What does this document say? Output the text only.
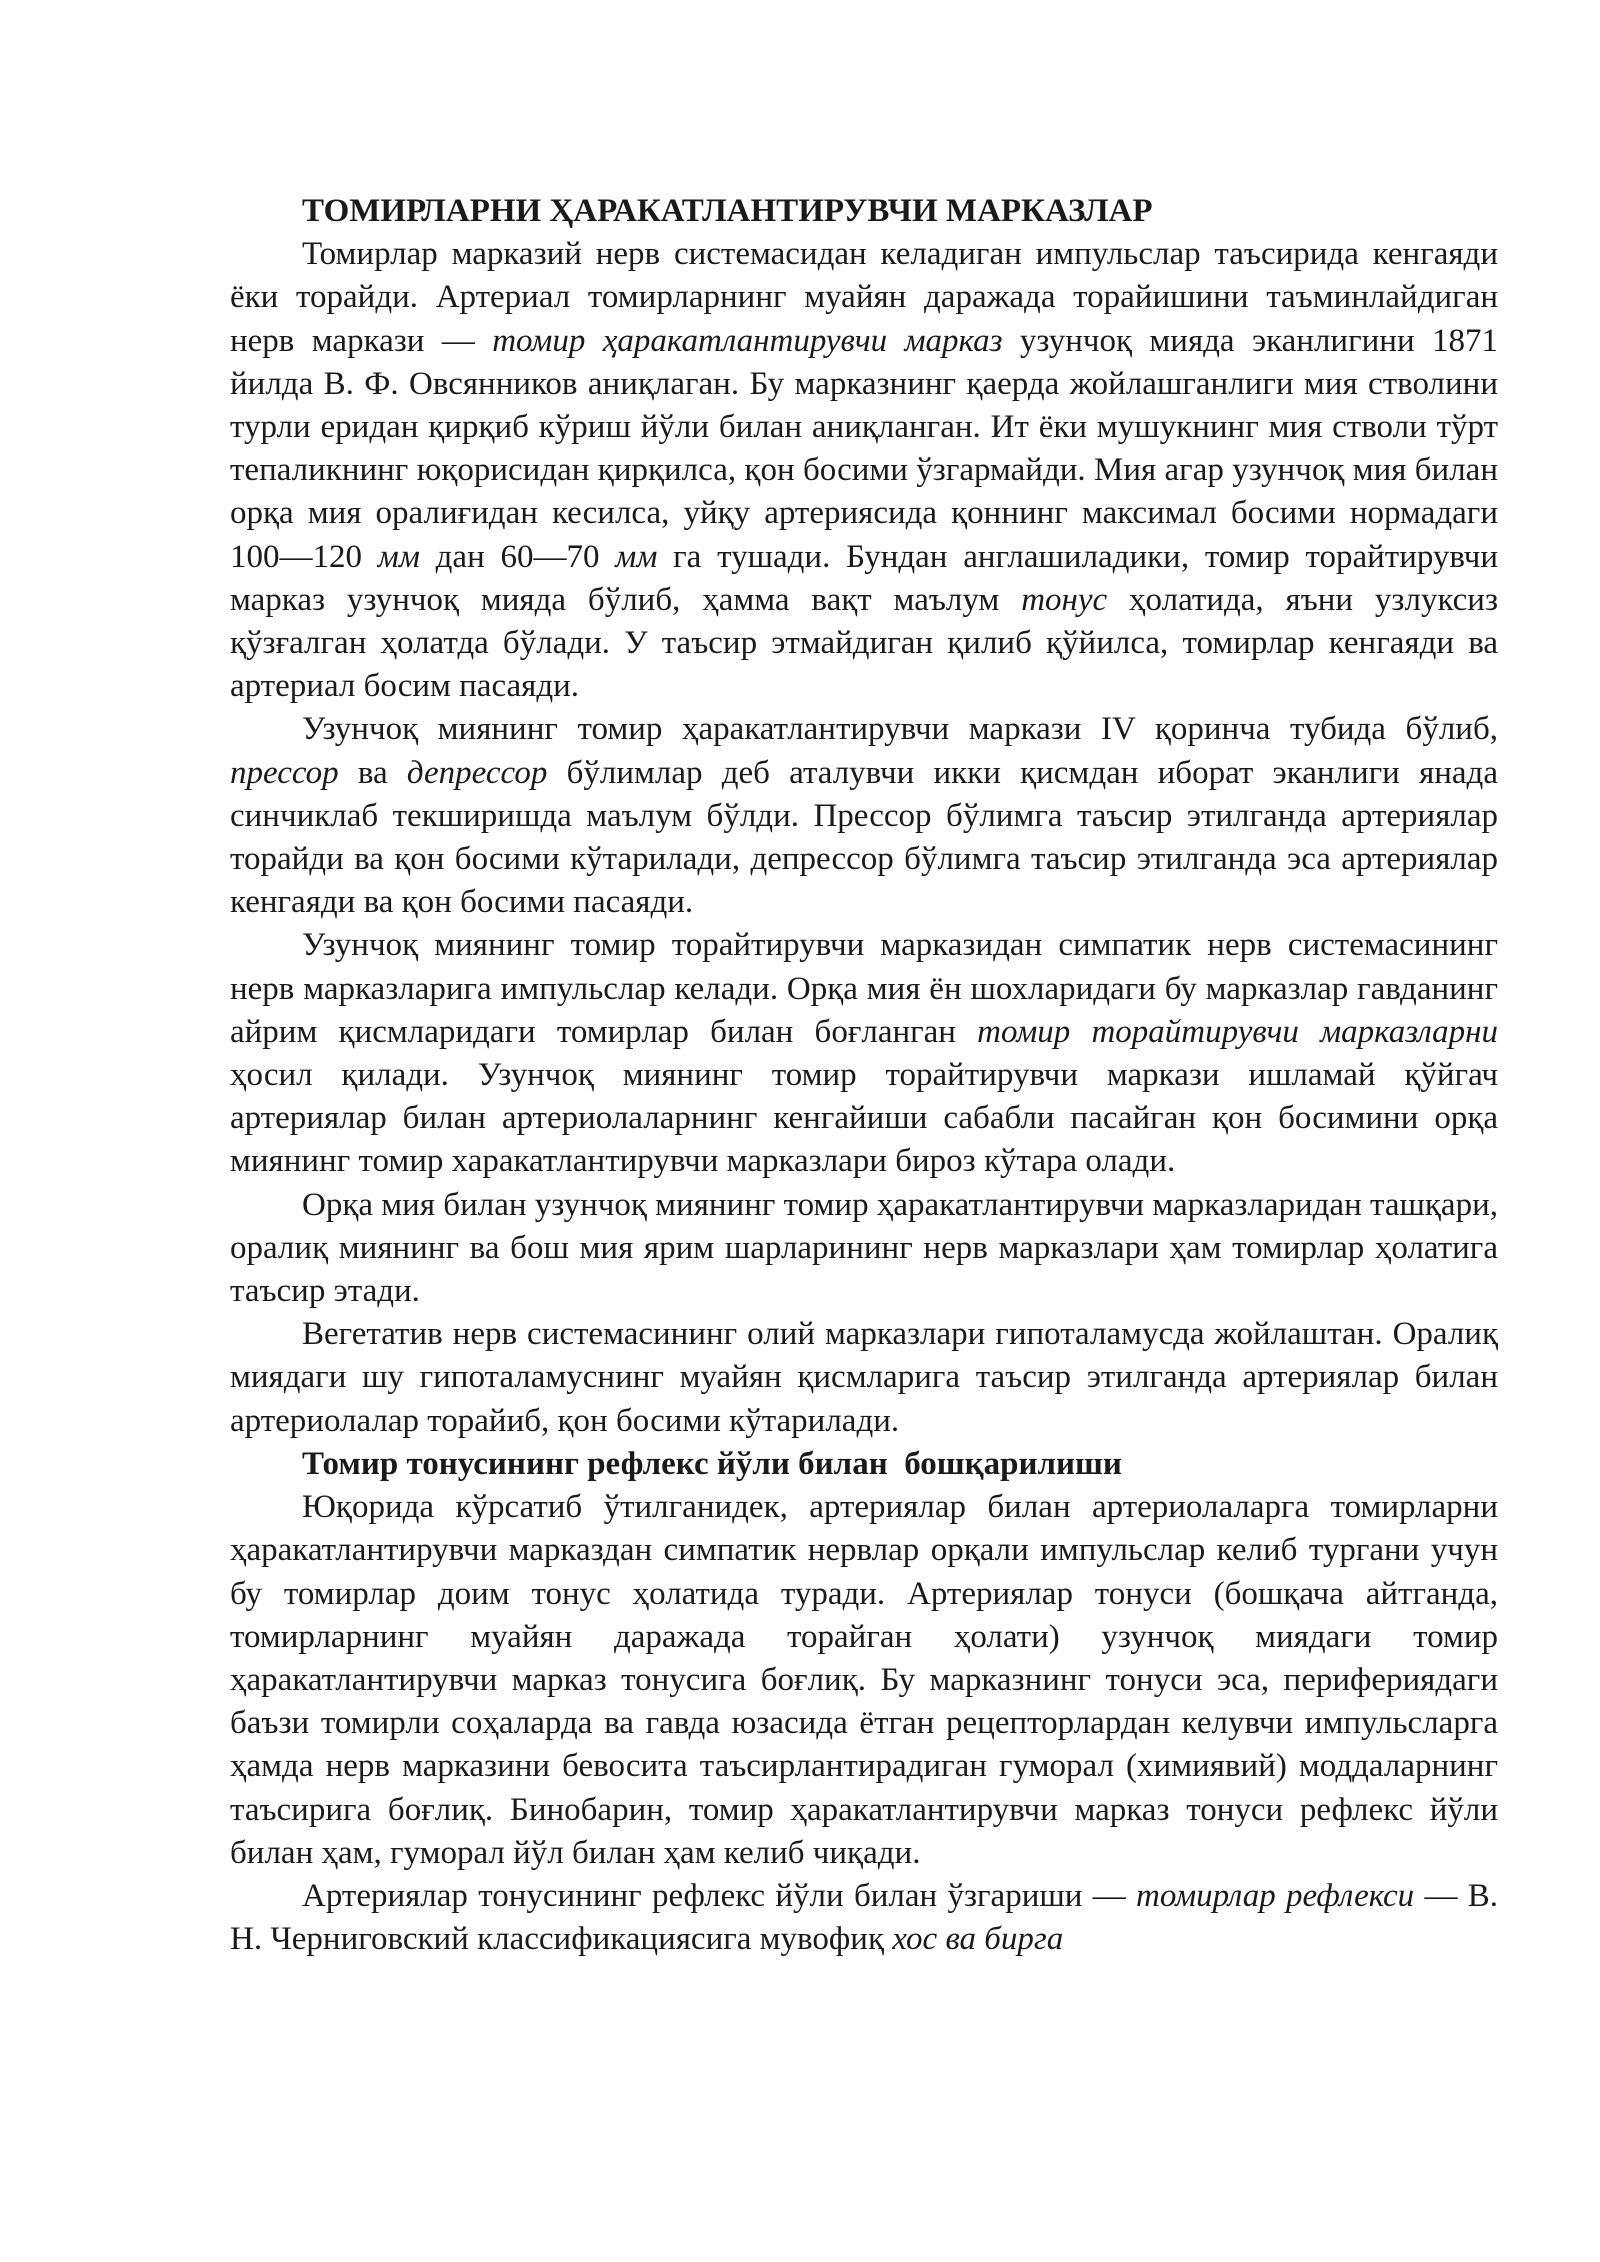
ТОМИРЛАРНИ ҲАРАКАТЛАНТИРУВЧИ МАРКАЗЛАР

Томирлар марказий нерв системасидан келадиган импульслар таъсирида кенгаяди ёки торайди. Артериал томирларнинг муайян даражада торайишини таъминлайдиган нерв маркази — томир ҳаракатлантирувчи марказ узунчоқ мияда эканлигини 1871 йилда В. Ф. Овсянников аниқлаган. Бу марказнинг қаерда жойлашганлиги мия стволини турли еридан қирқиб кўриш йўли билан аниқланган. Ит ёки мушукнинг мия стволи тўрт тепаликнинг юқорисидан қирқилса, қон босими ўзгармайди. Мия агар узунчоқ мия билан орқа мия оралиғидан кесилса, уйқу артериясида қоннинг максимал босими нормадаги 100—120 мм дан 60—70 мм га тушади. Бундан англашиладики, томир торайтирувчи марказ узунчоқ мияда бўлиб, ҳамма вақт маълум тонус ҳолатида, яъни узлуксиз қўзғалган ҳолатда бўлади. У таъсир этмайдиган қилиб қўйилса, томирлар кенгаяди ва артериал босим пасаяди.

Узунчоқ миянинг томир ҳаракатлантирувчи маркази IV қоринча тубида бўлиб, прессор ва депрессор бўлимлар деб аталувчи икки қисмдан иборат эканлиги янада синчиклаб текширишда маълум бўлди. Прессор бўлимга таъсир этилганда артериялар торайди ва қон босими кўтарилади, депрессор бўлимга таъсир этилганда эса артериялар кенгаяди ва қон босими пасаяди.

Узунчоқ миянинг томир торайтирувчи марказидан симпатик нерв системасининг нерв марказларига импульслар келади. Орқа мия ён шохларидаги бу марказлар гавданинг айрим қисмларидаги томирлар билан боғланган томир торайтирувчи марказларни ҳосил қилади. Узунчоқ миянинг томир торайтирувчи маркази ишламай қўйгач артериялар билан артериолаларнинг кенгайиши сабабли пасайган қон босимини орқа миянинг томир харакатлантирувчи марказлари бироз кўтара олади.

Орқа мия билан узунчоқ миянинг томир ҳаракатлантирувчи марказларидан ташқари, оралиқ миянинг ва бош мия ярим шарларининг нерв марказлари ҳам томирлар ҳолатига таъсир этади.

Вегетатив нерв системасининг олий марказлари гипоталамусда жойлаштан. Оралиқ миядаги шу гипоталамуснинг муайян қисмларига таъсир этилганда артериялар билан артериолалар торайиб, қон босими кўтарилади.

Томир тонусининг рефлекс йўли билан  бошқарилиши

Юқорида кўрсатиб ўтилганидек, артериялар билан артериолаларга томирларни ҳаракатлантирувчи марказдан симпатик нервлар орқали импульслар келиб тургани учун бу томирлар доим тонус ҳолатида туради. Артериялар тонуси (бошқача айтганда, томирларнинг муайян даражада торайган ҳолати) узунчоқ миядаги томир ҳаракатлантирувчи марказ тонусига боғлиқ. Бу марказнинг тонуси эса, перифериядаги баъзи томирли соҳаларда ва гавда юзасида ётган рецепторлардан келувчи импульсларга ҳамда нерв марказини бевосита таъсирлантирадиган гуморал (химиявий) моддаларнинг таъсирига боғлиқ. Бинобарин, томир ҳаракатлантирувчи марказ тонуси рефлекс йўли билан ҳам, гуморал йўл билан ҳам келиб чиқади.

Артериялар тонусининг рефлекс йўли билан ўзгариши — томирлар рефлекси — В. Н. Черниговский классификациясига мувофиқ хос ва бирга
